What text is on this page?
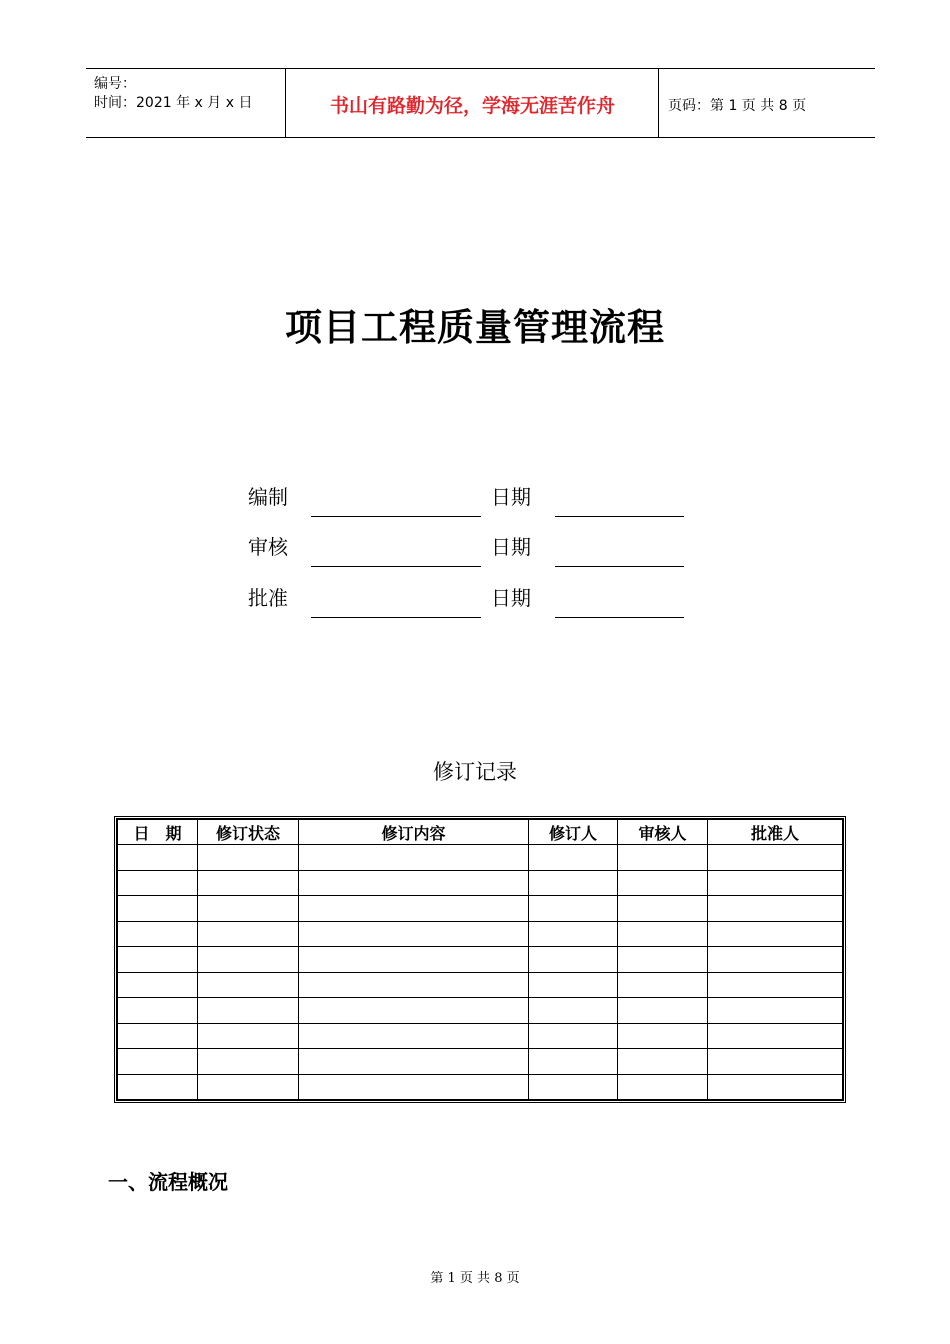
编号：
时间：2021 年 x 月 x 日	书山有路勤为径，学海无涯苦作舟	页码：第 1 页 共 8 页
项目工程质量管理流程
编制	日期
审核	日期
批准	日期
修订记录
日　期	修订状态	修订内容	修订人	审核人	批准人

一、流程概况
第 1 页 共 8 页
